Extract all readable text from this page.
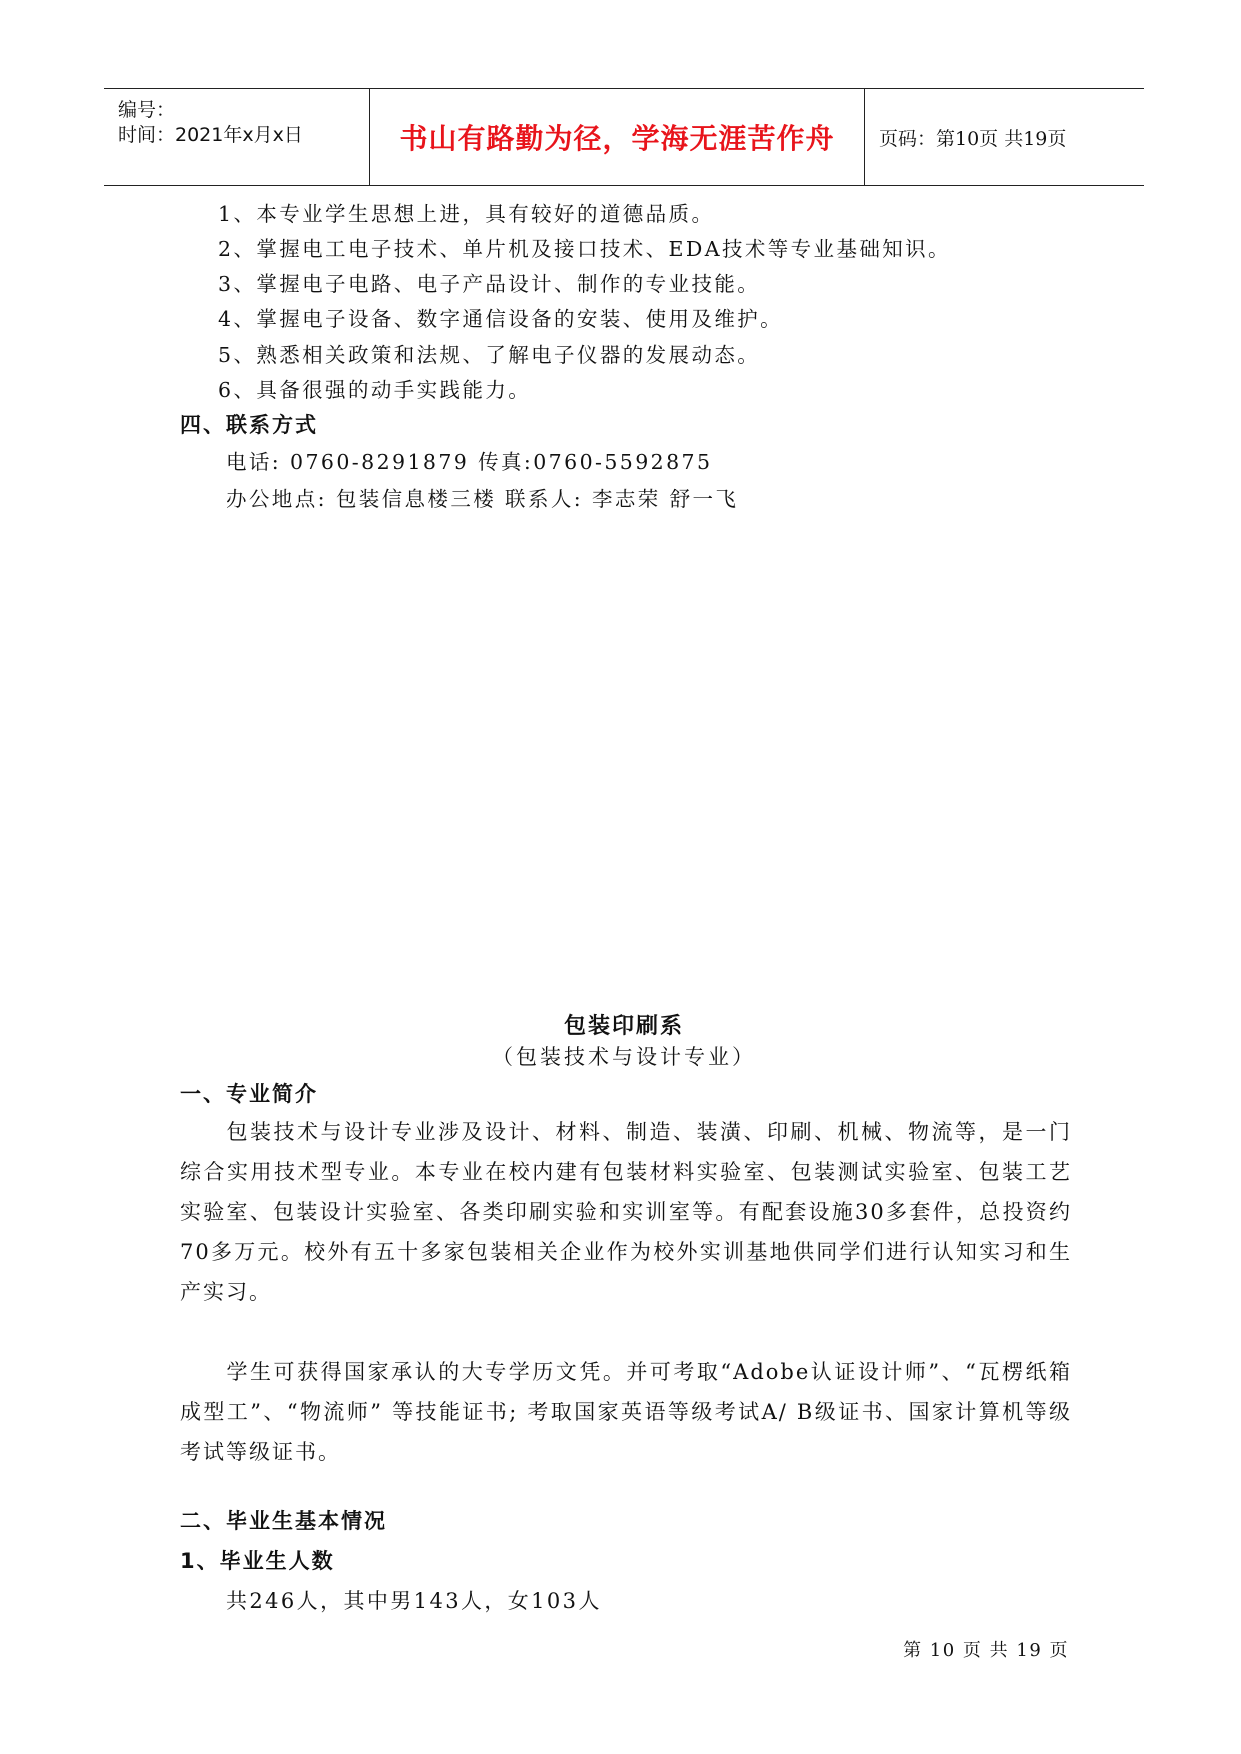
编号：
时间：2021年x月x日	书山有路勤为径，学海无涯苦作舟	页码：第10页 共19页
1、本专业学生思想上进，具有较好的道德品质。
2、掌握电工电子技术、单片机及接口技术、EDA技术等专业基础知识。
3、掌握电子电路、电子产品设计、制作的专业技能。
4、掌握电子设备、数字通信设备的安装、使用及维护。
5、熟悉相关政策和法规、了解电子仪器的发展动态。
6、具备很强的动手实践能力。
四、联系方式
电话: 0760-8291879 传真:0760-5592875
办公地点: 包装信息楼三楼 联系人: 李志荣 舒一飞
包装印刷系
（包装技术与设计专业）
一、专业简介
包装技术与设计专业涉及设计、材料、制造、装潢、印刷、机械、物流等，是一门综合实用技术型专业。本专业在校内建有包装材料实验室、包装测试实验室、包装工艺实验室、包装设计实验室、各类印刷实验和实训室等。有配套设施30多套件，总投资约70多万元。校外有五十多家包装相关企业作为校外实训基地供同学们进行认知实习和生产实习。
学生可获得国家承认的大专学历文凭。并可考取“Adobe认证设计师”、“瓦楞纸箱成型工”、“物流师” 等技能证书; 考取国家英语等级考试A/ B级证书、国家计算机等级考试等级证书。
二、毕业生基本情况
1、毕业生人数
共246人，其中男143人，女103人
第 10 页 共 19 页
